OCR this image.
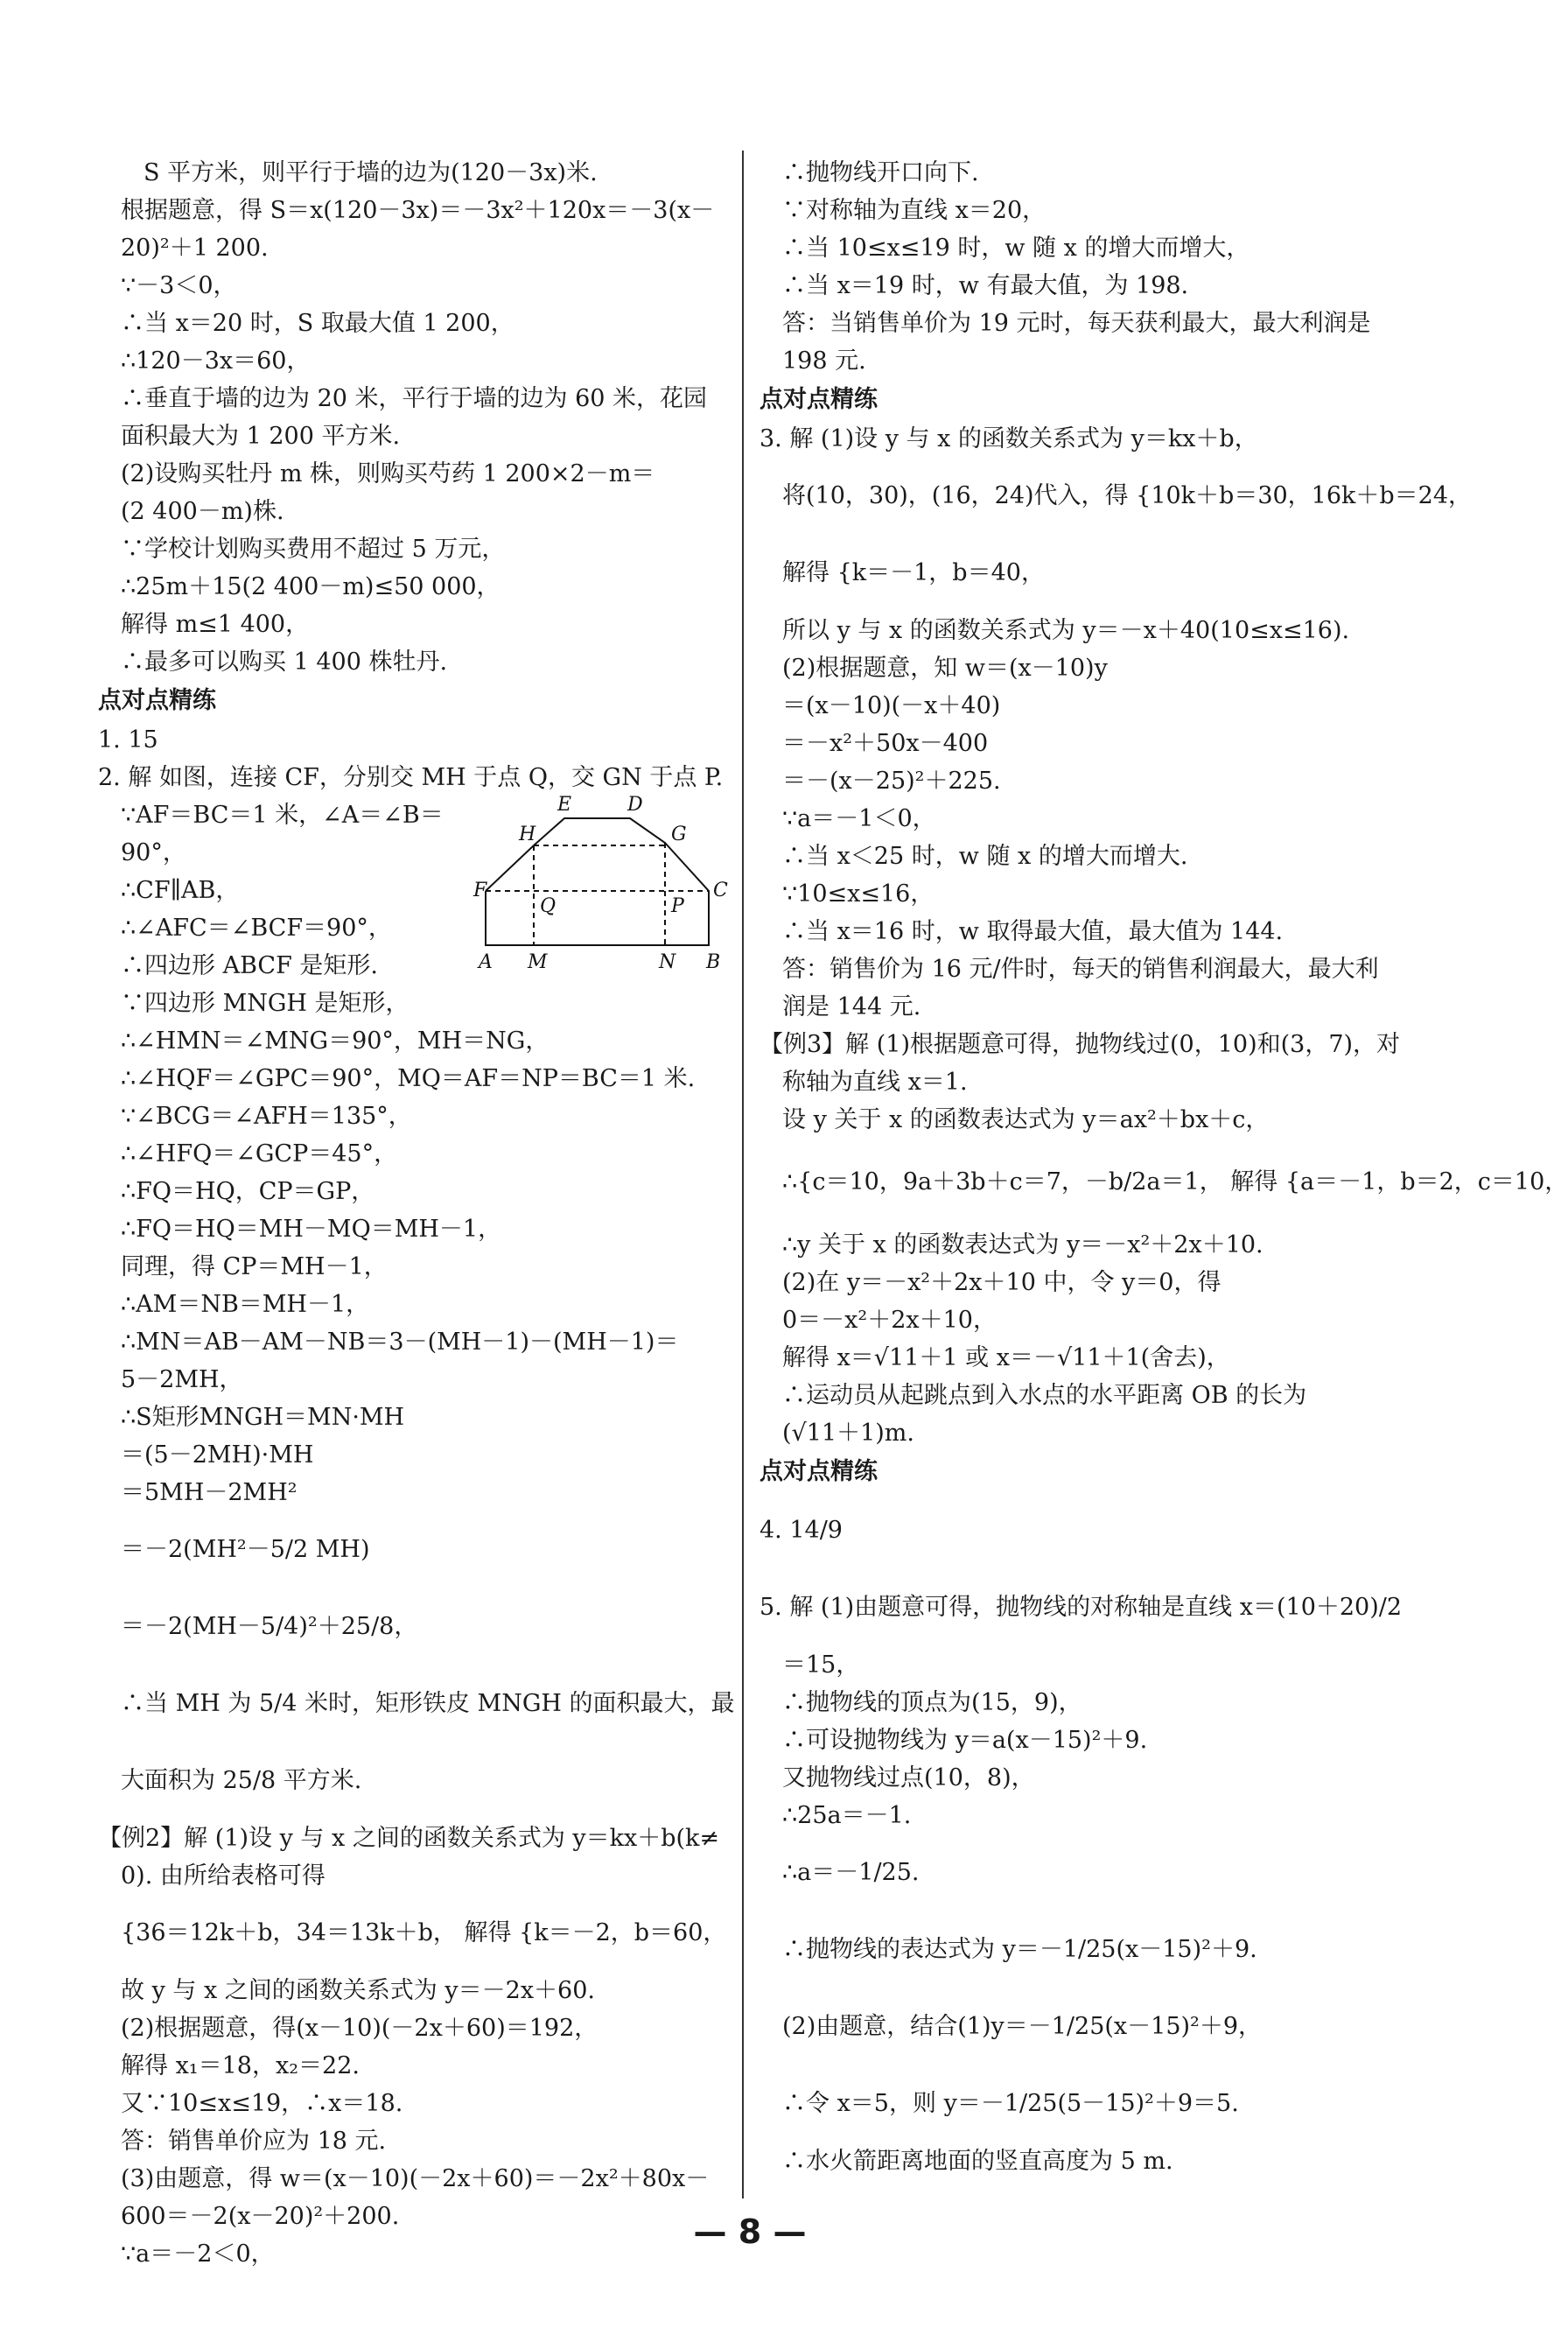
S 平方米，则平行于墙的边为(120－3x)米.
根据题意，得 S＝x(120－3x)＝－3x²＋120x＝－3(x－
20)²＋1 200.
∵－3＜0，
∴当 x＝20 时，S 取最大值 1 200，
∴120－3x＝60，
∴垂直于墙的边为 20 米，平行于墙的边为 60 米，花园
面积最大为 1 200 平方米.
(2)设购买牡丹 m 株，则购买芍药 1 200×2－m＝
(2 400－m)株.
∵学校计划购买费用不超过 5 万元，
∴25m＋15(2 400－m)≤50 000，
解得 m≤1 400，
∴最多可以购买 1 400 株牡丹.
点对点精练
1. 15
2. 解 如图，连接 CF，分别交 MH 于点 Q，交 GN 于点 P.
∵AF＝BC＝1 米，∠A＝∠B＝
90°，
∴CF∥AB，
∴∠AFC＝∠BCF＝90°，
∴四边形 ABCF 是矩形.
∵四边形 MNGH 是矩形，
∴∠HMN＝∠MNG＝90°，MH＝NG，
∴∠HQF＝∠GPC＝90°，MQ＝AF＝NP＝BC＝1 米.
∵∠BCG＝∠AFH＝135°，
∴∠HFQ＝∠GCP＝45°，
∴FQ＝HQ，CP＝GP，
∴FQ＝HQ＝MH－MQ＝MH－1，
同理，得 CP＝MH－1，
∴AM＝NB＝MH－1，
∴MN＝AB－AM－NB＝3－(MH－1)－(MH－1)＝
5－2MH，
∴S矩形MNGH＝MN·MH
＝(5－2MH)·MH
＝5MH－2MH²
＝－2(MH²－5/2 MH)
＝－2(MH－5/4)²＋25/8，
∴当 MH 为 5/4 米时，矩形铁皮 MNGH 的面积最大，最
大面积为 25/8 平方米.
【例2】解 (1)设 y 与 x 之间的函数关系式为 y＝kx＋b(k≠
0). 由所给表格可得
{36＝12k＋b，34＝13k＋b， 解得 {k＝－2，b＝60，
故 y 与 x 之间的函数关系式为 y＝－2x＋60.
(2)根据题意，得(x－10)(－2x＋60)＝192，
解得 x₁＝18，x₂＝22.
又∵10≤x≤19，∴x＝18.
答：销售单价应为 18 元.
(3)由题意，得 w＝(x－10)(－2x＋60)＝－2x²＋80x－
600＝－2(x－20)²＋200.
∵a＝－2＜0，
∴抛物线开口向下.
∵对称轴为直线 x＝20，
∴当 10≤x≤19 时，w 随 x 的增大而增大，
∴当 x＝19 时，w 有最大值，为 198.
答：当销售单价为 19 元时，每天获利最大，最大利润是
198 元.
点对点精练
3. 解 (1)设 y 与 x 的函数关系式为 y＝kx＋b，
将(10，30)，(16，24)代入，得 {10k＋b＝30，16k＋b＝24，
解得 {k＝－1，b＝40，
所以 y 与 x 的函数关系式为 y＝－x＋40(10≤x≤16).
(2)根据题意，知 w＝(x－10)y
＝(x－10)(－x＋40)
＝－x²＋50x－400
＝－(x－25)²＋225.
∵a＝－1＜0，
∴当 x＜25 时，w 随 x 的增大而增大.
∵10≤x≤16，
∴当 x＝16 时，w 取得最大值，最大值为 144.
答：销售价为 16 元/件时，每天的销售利润最大，最大利
润是 144 元.
【例3】解 (1)根据题意可得，抛物线过(0，10)和(3，7)，对
称轴为直线 x＝1.
设 y 关于 x 的函数表达式为 y＝ax²＋bx＋c，
∴{c＝10，9a＋3b＋c＝7，－b/2a＝1， 解得 {a＝－1，b＝2，c＝10，
∴y 关于 x 的函数表达式为 y＝－x²＋2x＋10.
(2)在 y＝－x²＋2x＋10 中，令 y＝0，得
0＝－x²＋2x＋10，
解得 x＝√11＋1 或 x＝－√11＋1(舍去)，
∴运动员从起跳点到入水点的水平距离 OB 的长为
(√11＋1)m.
点对点精练
4. 14/9
5. 解 (1)由题意可得，抛物线的对称轴是直线 x＝(10＋20)/2
＝15，
∴抛物线的顶点为(15，9)，
∴可设抛物线为 y＝a(x－15)²＋9.
又抛物线过点(10，8)，
∴25a＝－1.
∴a＝－1/25.
∴抛物线的表达式为 y＝－1/25(x－15)²＋9.
(2)由题意，结合(1)y＝－1/25(x－15)²＋9，
∴令 x＝5，则 y＝－1/25(5－15)²＋9＝5.
∴水火箭距离地面的竖直高度为 5 m.
H
E	D
G
F	C
Q	P
A M	N B
— 8 —
